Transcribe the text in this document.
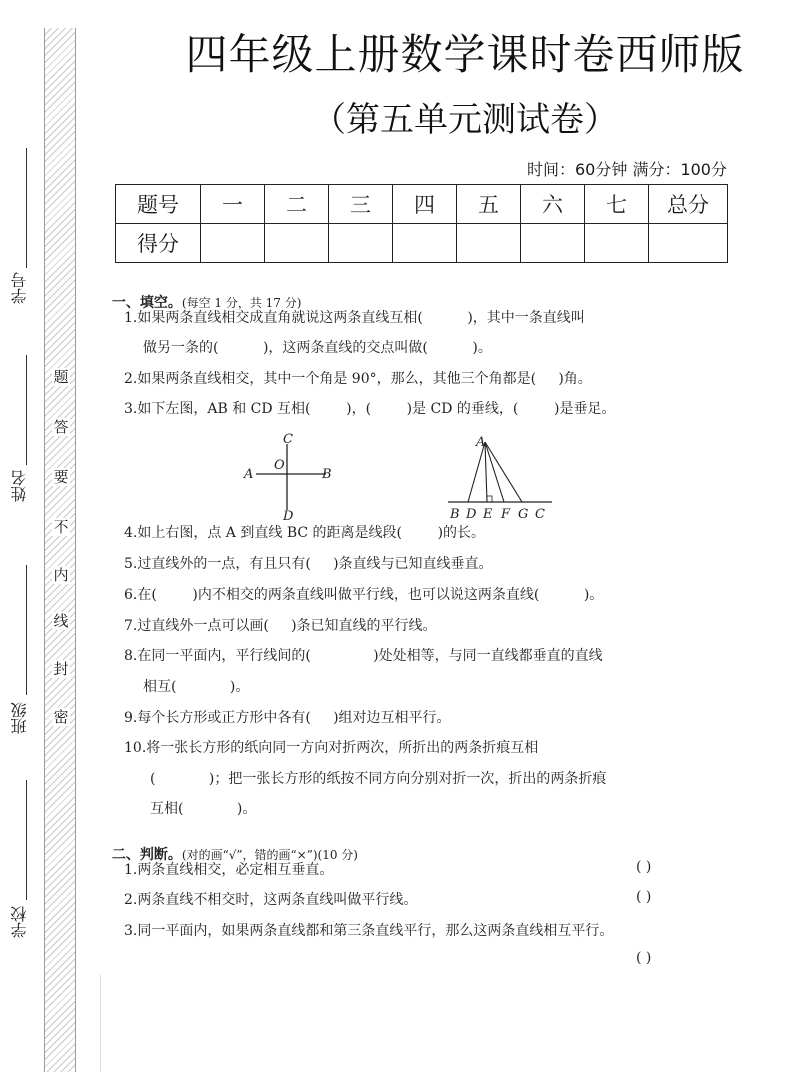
题
答
要
不
内
线
封
密
学号
姓名
班级
学校
四年级上册数学课时卷西师版
（第五单元测试卷）
时间：60分钟 满分：100分
题号	一	二	三	四	五	六	七	总分
得分								

一、填空。(每空 1 分，共 17 分)

1.如果两条直线相交成直角就说这两条直线互相(          )，其中一条直线叫
做另一条的(          )，这两条直线的交点叫做(          )。
2.如果两条直线相交，其中一个角是 90°，那么，其他三个角都是(     )角。
3.如下左图，AB 和 CD 互相(        )，(        )是 CD 的垂线，(        )是垂足。
C
A	B
O
D
A
B D E F G C
4.如上右图，点 A 到直线 BC 的距离是线段(        )的长。
5.过直线外的一点，有且只有(     )条直线与已知直线垂直。
6.在(        )内不相交的两条直线叫做平行线，也可以说这两条直线(          )。
7.过直线外一点可以画(     )条已知直线的平行线。
8.在同一平面内，平行线间的(              )处处相等，与同一直线都垂直的直线
相互(            )。
9.每个长方形或正方形中各有(     )组对边互相平行。
10.将一张长方形的纸向同一方向对折两次，所折出的两条折痕互相
(            )；把一张长方形的纸按不同方向分别对折一次，折出的两条折痕
互相(            )。

二、判断。(对的画“√”，错的画“×”)(10 分)

1.两条直线相交，必定相互垂直。	( )
2.两条直线不相交时，这两条直线叫做平行线。	( )
3.同一平面内，如果两条直线都和第三条直线平行，那么这两条直线相互平行。
( )
